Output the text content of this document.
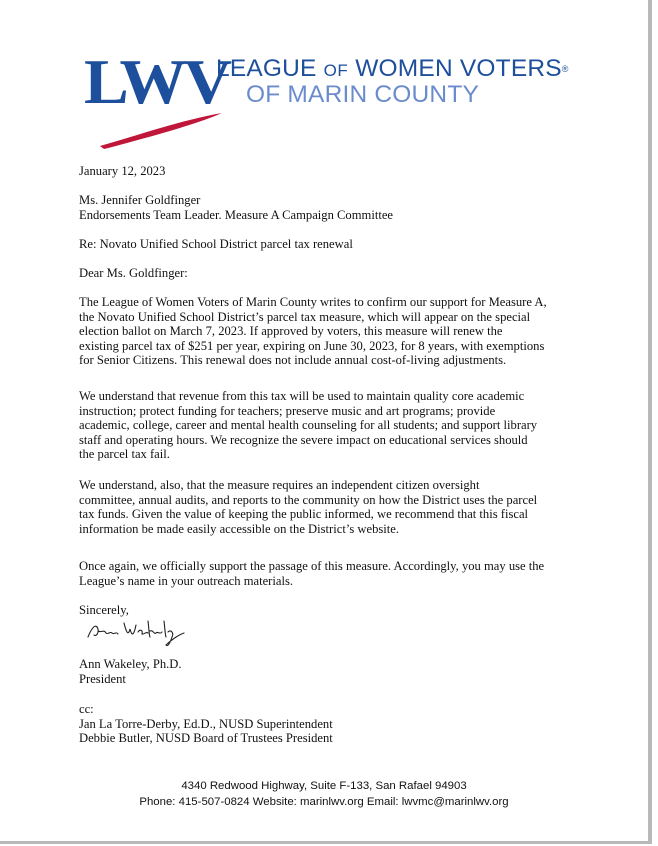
LWV
LEAGUE OF WOMEN VOTERS®
OF MARIN COUNTY
January 12, 2023
Ms. Jennifer Goldfinger
Endorsements Team Leader. Measure A Campaign Committee
Re: Novato Unified School District parcel tax renewal
Dear Ms. Goldfinger:

The League of Women Voters of Marin County writes to confirm our support for Measure A,

the Novato Unified School District’s parcel tax measure, which will appear on the special

election ballot on March 7, 2023. If approved by voters, this measure will renew the

existing parcel tax of $251 per year, expiring on June 30, 2023, for 8 years, with exemptions

for Senior Citizens. This renewal does not include annual cost-of-living adjustments.

We understand that revenue from this tax will be used to maintain quality core academic

instruction; protect funding for teachers; preserve music and art programs; provide

academic, college, career and mental health counseling for all students; and support library

staff and operating hours. We recognize the severe impact on educational services should

the parcel tax fail.

We understand, also, that the measure requires an independent citizen oversight

committee, annual audits, and reports to the community on how the District uses the parcel

tax funds. Given the value of keeping the public informed, we recommend that this fiscal

information be made easily accessible on the District’s website.

Once again, we officially support the passage of this measure. Accordingly, you may use the

League’s name in your outreach materials.

Sincerely,
Ann Wakeley, Ph.D.
President
cc:
Jan La Torre-Derby, Ed.D., NUSD Superintendent
Debbie Butler, NUSD Board of Trustees President
4340 Redwood Highway, Suite F-133, San Rafael 94903
Phone: 415-507-0824 Website: marinlwv.org Email: lwvmc@marinlwv.org
